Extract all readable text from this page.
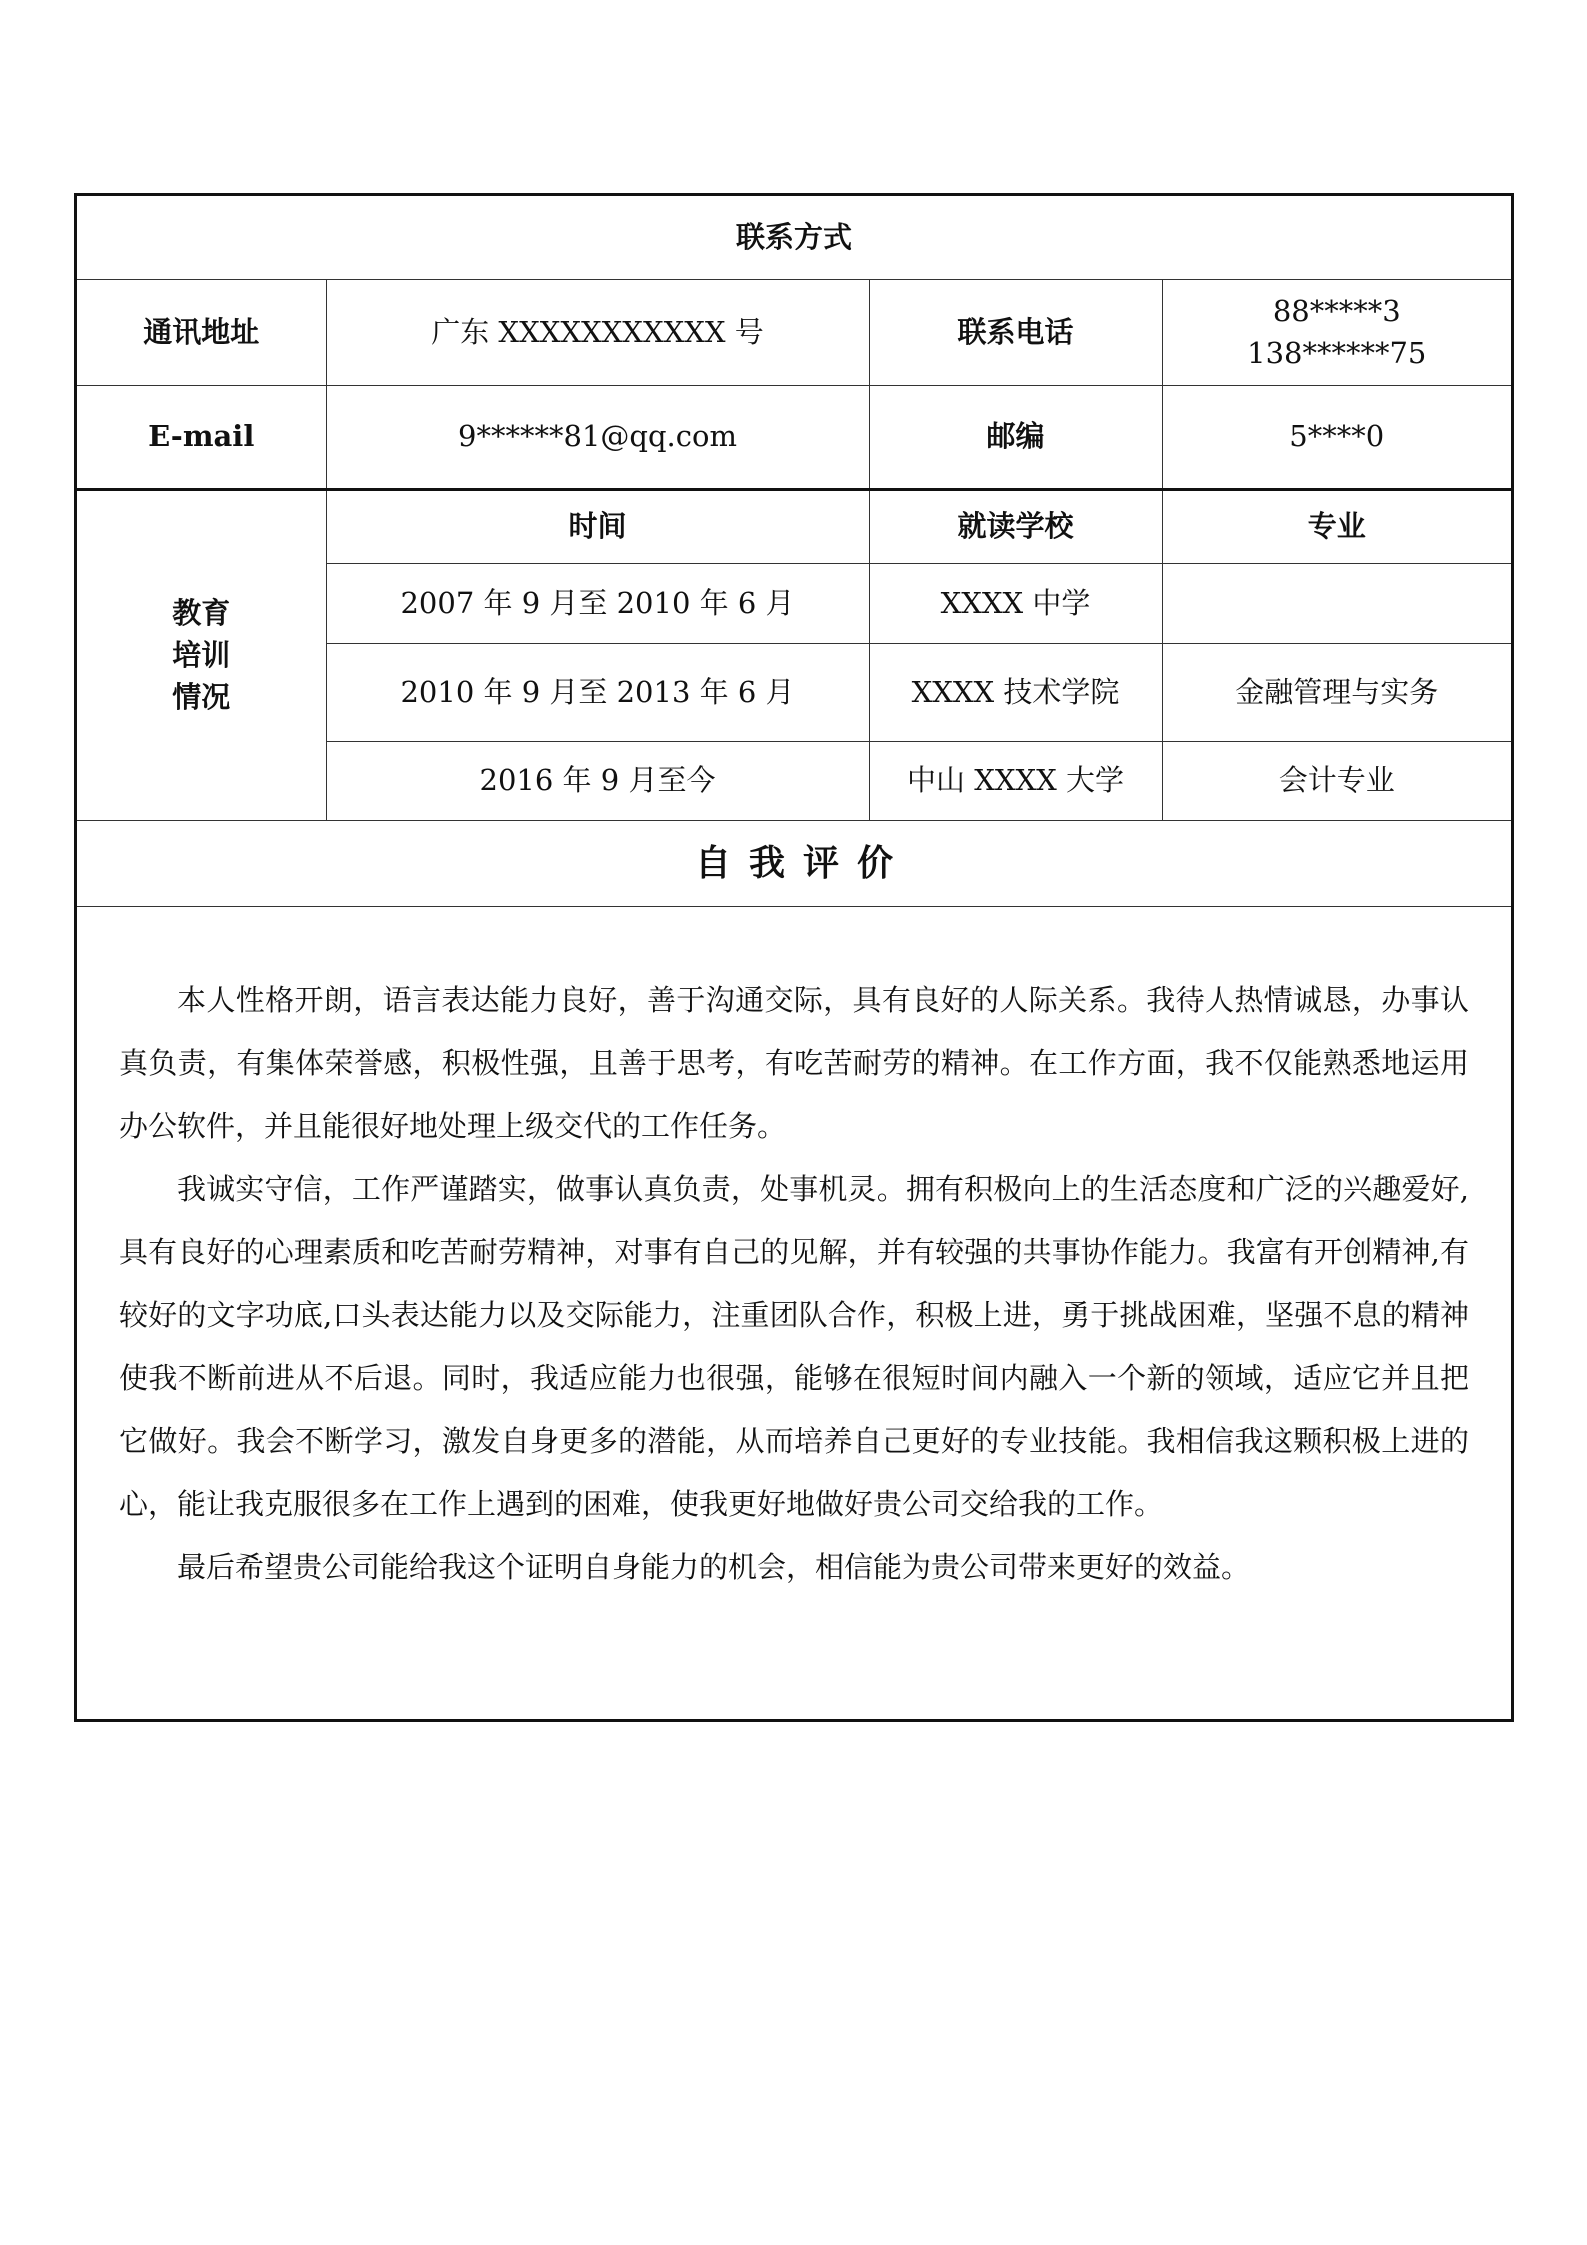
联系方式			
通讯地址	广东 XXXXXXXXXXX 号	联系电话	88*****3
138******75

E-mail	9******81@qq.com	邮编	5****0

教育
培训
情况	时间	就读学校	专业
	2007 年 9 月至 2010 年 6 月	XXXX 中学	
	2010 年 9 月至 2013 年 6 月	XXXX 技术学院	金融管理与实务
	2016 年 9 月至今	中山 XXXX 大学	会计专业
自我评价			

本人性格开朗，语言表达能力良好，善于沟通交际，具有良好的人际关系。我待人热情诚恳，办事认真负责，有集体荣誉感，积极性强，且善于思考，有吃苦耐劳的精神。在工作方面，我不仅能熟悉地运用办公软件，并且能很好地处理上级交代的工作任务。

我诚实守信，工作严谨踏实，做事认真负责，处事机灵。拥有积极向上的生活态度和广泛的兴趣爱好,具有良好的心理素质和吃苦耐劳精神，对事有自己的见解，并有较强的共事协作能力。我富有开创精神,有较好的文字功底,口头表达能力以及交际能力，注重团队合作，积极上进，勇于挑战困难，坚强不息的精神使我不断前进从不后退。同时，我适应能力也很强，能够在很短时间内融入一个新的领域，适应它并且把它做好。我会不断学习，激发自身更多的潜能，从而培养自己更好的专业技能。我相信我这颗积极上进的心，能让我克服很多在工作上遇到的困难，使我更好地做好贵公司交给我的工作。

最后希望贵公司能给我这个证明自身能力的机会，相信能为贵公司带来更好的效益。			
